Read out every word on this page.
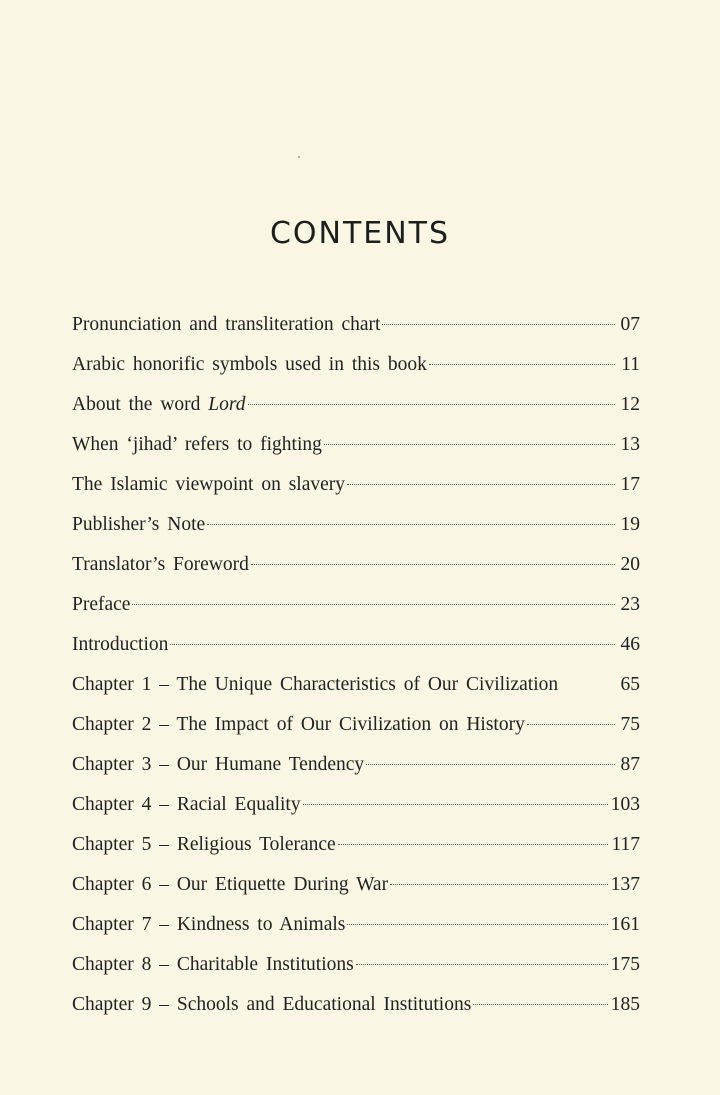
CONTENTS
Pronunciation and transliteration chart	07
Arabic honorific symbols used in this book	11
About the word Lord	12
When ‘jihad’ refers to fighting	13
The Islamic viewpoint on slavery	17
Publisher’s Note	19
Translator’s Foreword	20
Preface	23
Introduction	46
Chapter 1 – The Unique Characteristics of Our Civilization	65
Chapter 2 – The Impact of Our Civilization on History	75
Chapter 3 – Our Humane Tendency	87
Chapter 4 – Racial Equality	103
Chapter 5 – Religious Tolerance	117
Chapter 6 – Our Etiquette During War	137
Chapter 7 – Kindness to Animals	161
Chapter 8 – Charitable Institutions	175
Chapter 9 – Schools and Educational Institutions	185
